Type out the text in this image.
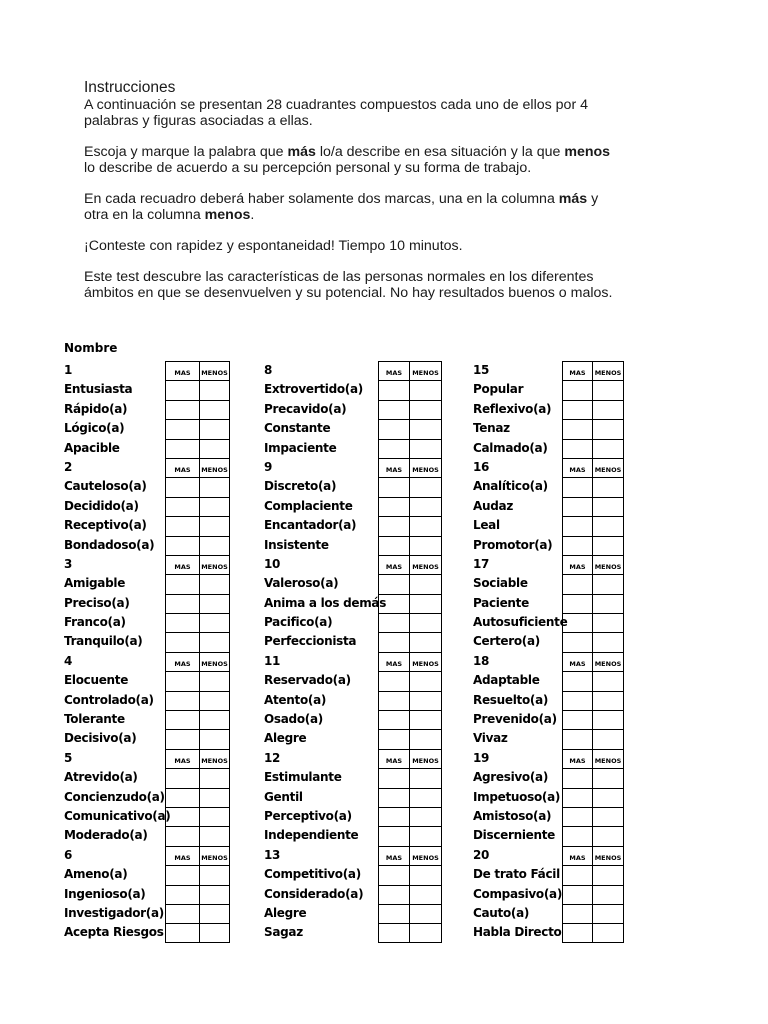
Instrucciones
A continuación se presentan 28 cuadrantes compuestos cada uno de ellos por 4 palabras y figuras asociadas a ellas.
Escoja y marque la palabra que más lo/a describe en esa situación y la que menos lo describe de acuerdo a su percepción personal y su forma de trabajo.
En cada recuadro deberá haber solamente dos marcas, una en la columna más y otra en la columna menos.
¡Conteste con rapidez y espontaneidad! Tiempo 10 minutos.
Este test descubre las características de las personas normales en los diferentes ámbitos en que se desenvuelven y su potencial. No hay resultados buenos o malos.
Nombre
1	MAS	MENOS
Entusiasta
Rápido(a)
Lógico(a)
Apacible
2	MAS	MENOS
Cauteloso(a)
Decidido(a)
Receptivo(a)
Bondadoso(a)
3	MAS	MENOS
Amigable
Preciso(a)
Franco(a)
Tranquilo(a)
4	MAS	MENOS
Elocuente
Controlado(a)
Tolerante
Decisivo(a)
5	MAS	MENOS
Atrevido(a)
Concienzudo(a)
Comunicativo(a)
Moderado(a)
6	MAS	MENOS
Ameno(a)
Ingenioso(a)
Investigador(a)
Acepta Riesgos
8	MAS	MENOS
Extrovertido(a)
Precavido(a)
Constante
Impaciente
9	MAS	MENOS
Discreto(a)
Complaciente
Encantador(a)
Insistente
10	MAS	MENOS
Valeroso(a)
Anima a los demás
Pacifico(a)
Perfeccionista
11	MAS	MENOS
Reservado(a)
Atento(a)
Osado(a)
Alegre
12	MAS	MENOS
Estimulante
Gentil
Perceptivo(a)
Independiente
13	MAS	MENOS
Competitivo(a)
Considerado(a)
Alegre
Sagaz
15	MAS	MENOS
Popular
Reflexivo(a)
Tenaz
Calmado(a)
16	MAS	MENOS
Analítico(a)
Audaz
Leal
Promotor(a)
17	MAS	MENOS
Sociable
Paciente
Autosuficiente
Certero(a)
18	MAS	MENOS
Adaptable
Resuelto(a)
Prevenido(a)
Vivaz
19	MAS	MENOS
Agresivo(a)
Impetuoso(a)
Amistoso(a)
Discerniente
20	MAS	MENOS
De trato Fácil
Compasivo(a)
Cauto(a)
Habla Directo
